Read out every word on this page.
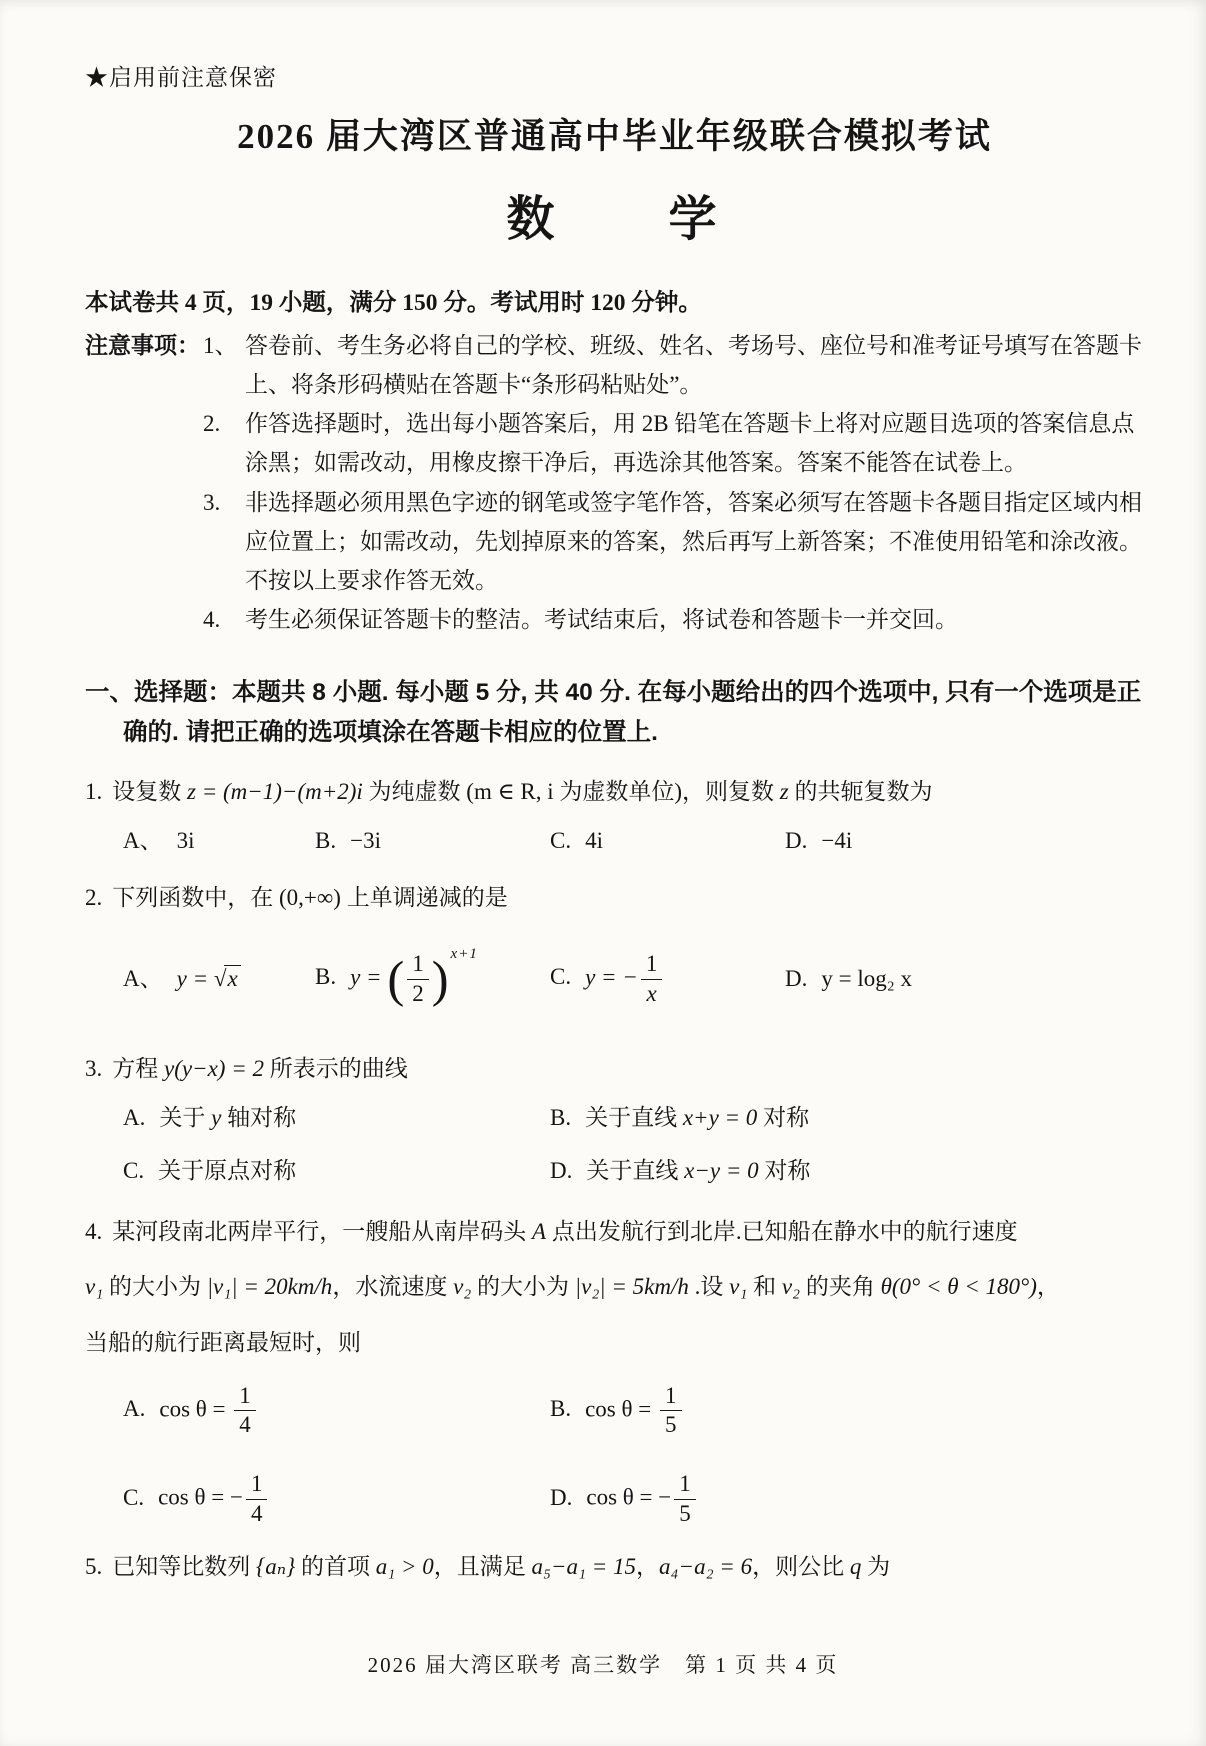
★启用前注意保密
2026 届大湾区普通高中毕业年级联合模拟考试
数　　学

本试卷共 4 页，19 小题，满分 150 分。考试用时 120 分钟。

注意事项： 1、 答卷前、考生务必将自己的学校、班级、姓名、考场号、座位号和准考证号填写在答题卡上、将条形码横贴在答题卡“条形码粘贴处”。
2.	作答选择题时，选出每小题答案后，用 2B 铅笔在答题卡上将对应题目选项的答案信息点涂黑；如需改动，用橡皮擦干净后，再选涂其他答案。答案不能答在试卷上。
3.	非选择题必须用黑色字迹的钢笔或签字笔作答，答案必须写在答题卡各题目指定区域内相应位置上；如需改动，先划掉原来的答案，然后再写上新答案；不准使用铅笔和涂改液。不按以上要求作答无效。
4.	考生必须保证答题卡的整洁。考试结束后，将试卷和答题卡一并交回。
一、选择题：本题共 8 小题. 每小题 5 分, 共 40 分. 在每小题给出的四个选项中, 只有一个选项是正确的. 请把正确的选项填涂在答题卡相应的位置上.

1. 设复数 z = (m−1)−(m+2)i 为纯虚数 (m ∈ R, i 为虚数单位)，则复数 z 的共轭复数为

A、 3i	B. −3i	C. 4i	D. −4i

2. 下列函数中，在 (0,+∞) 上单调递减的是

A、 y = √x	B. y = ( $\frac{1}{2}$ ) $^{x+1}$
C. y = − $\frac{1}{x}$	D. y = log₂ x

3. 方程 y(y−x) = 2 所表示的曲线

A. 关于 y 轴对称	B. 关于直线 x+y = 0 对称
C. 关于原点对称	D. 关于直线 x−y = 0 对称

4. 某河段南北两岸平行，一艘船从南岸码头 A 点出发航行到北岸.已知船在静水中的航行速度

v₁ 的大小为 |v₁| = 20km/h，水流速度 v₂ 的大小为 |v₂| = 5km/h .设 v₁ 和 v₂ 的夹角 θ(0° < θ < 180°)，

当船的航行距离最短时，则

A. $\cos \theta = \frac{1}{4}$	B. $\cos \theta = \frac{1}{5}$
C. cos θ = − $\frac{1}{4}$	D. cos θ = − $\frac{1}{5}$

5. 已知等比数列 {aₙ} 的首项 a₁ > 0，且满足 a₅−a₁ = 15，a₄−a₂ = 6，则公比 q 为

2026 届大湾区联考 高三数学　第 1 页 共 4 页
